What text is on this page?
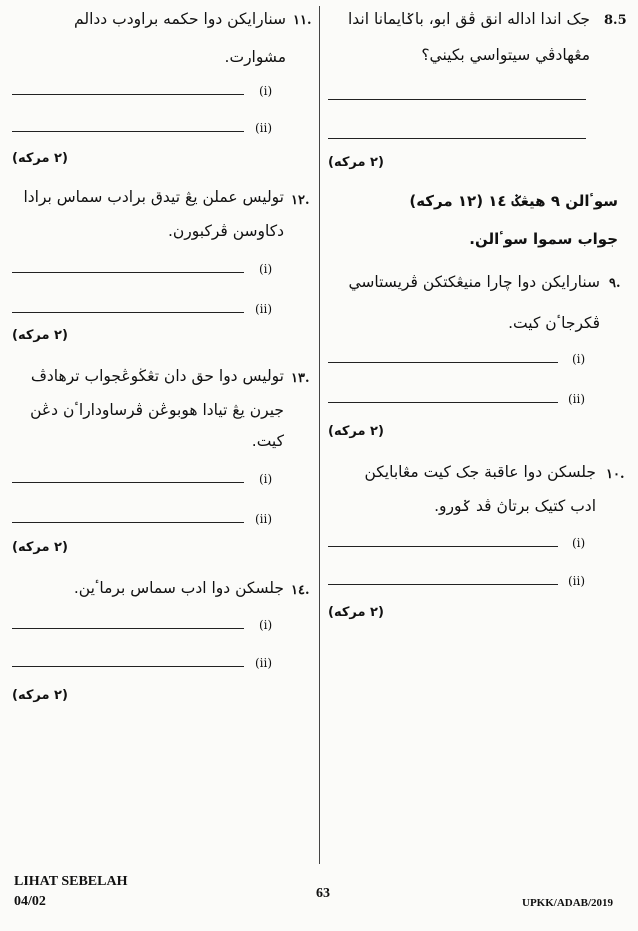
8.5
جک اندا اداله انق ڤق ابو، باݢايمانا اندا
مڠهادڤي سيتواسي بکيني؟
(٢ مرکه)
سوٴالن ٩ هيڠݢ ١٤ (١٢ مرکه)
جواب سموا سوٴالن.
٩.
سنارايکن دوا چارا منيڠکتکن ڤريستاسي
ڤکرجاٴن کيت.
(i)
(ii)
(٢ مرکه)
١٠.
جلسکن دوا عاقبة جک کيت مڠابايکن
ادب کتيک برتاڽ ڤد ݢورو.
(i)
(ii)
(٢ مرکه)
١١.
سنارايکن دوا حکمه براودب ددالم
مشوارت.
(i)
(ii)
(٢ مرکه)
١٢.
توليس عملن يڠ تيدق برادب سماس برادا
دکاوسن ڤرکبورن.
(i)
(ii)
(٢ مرکه)
١٣.
توليس دوا حق دان تڠڬوڠجواب ترهادڤ
جيرن يڠ تيادا هوبوڠن ڤرساوداراٴن دڠن
کيت.
(i)
(ii)
(٢ مرکه)
١٤.
جلسکن دوا ادب سماس برماٴين.
(i)
(ii)
(٢ مرکه)
LIHAT SEBELAH
04/02
63
UPKK/ADAB/2019
